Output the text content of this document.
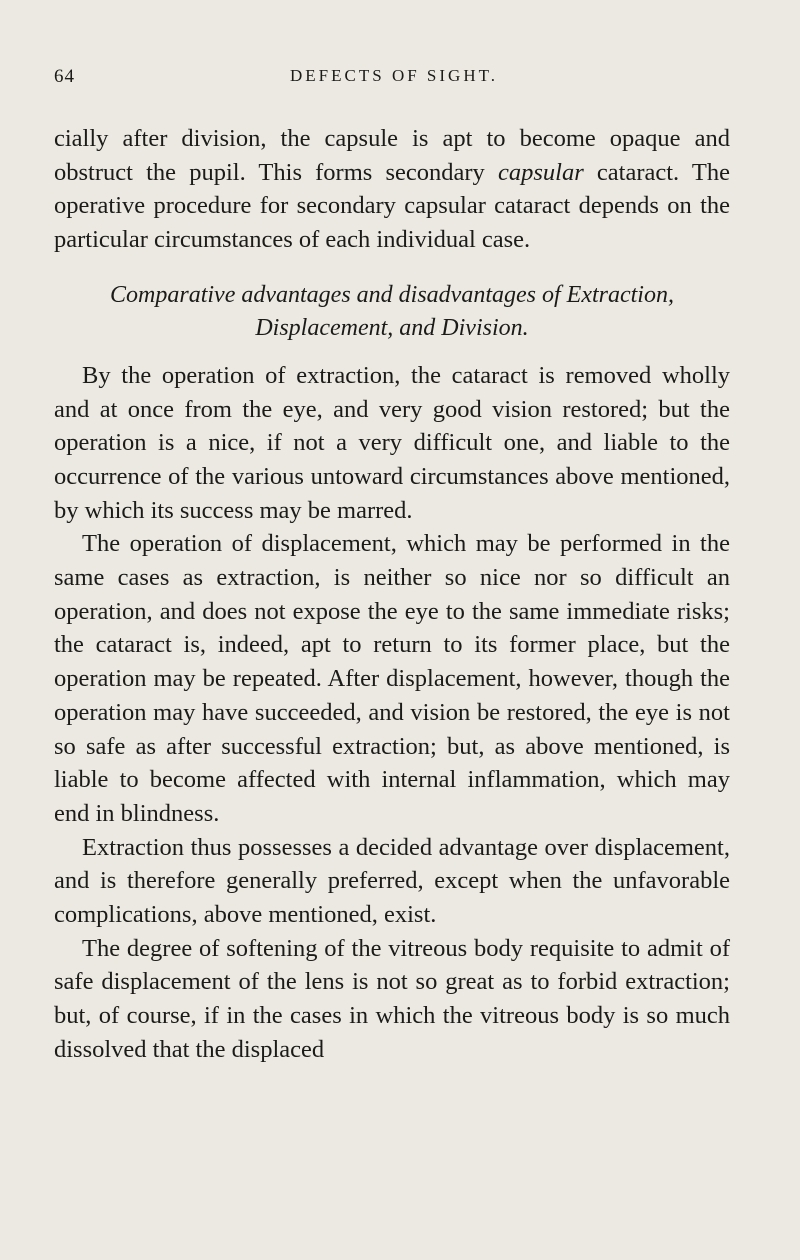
64	DEFECTS OF SIGHT.

cially after division, the capsule is apt to become opaque and obstruct the pupil. This forms secondary capsular cataract. The operative procedure for secondary capsular cataract depends on the particular circumstances of each individual case.

Comparative advantages and disadvantages of Extraction,
Displacement, and Division.

By the operation of extraction, the cataract is removed wholly and at once from the eye, and very good vision restored; but the operation is a nice, if not a very difficult one, and liable to the occurrence of the various untoward circumstances above mentioned, by which its success may be marred.

The operation of displacement, which may be performed in the same cases as extraction, is neither so nice nor so difficult an operation, and does not expose the eye to the same immediate risks; the cataract is, indeed, apt to return to its former place, but the operation may be repeated. After displacement, however, though the operation may have succeeded, and vision be restored, the eye is not so safe as after successful extraction; but, as above mentioned, is liable to become affected with internal inflammation, which may end in blindness.

Extraction thus possesses a decided advantage over displacement, and is therefore generally preferred, except when the unfavorable complications, above mentioned, exist.

The degree of softening of the vitreous body requisite to admit of safe displacement of the lens is not so great as to forbid extraction; but, of course, if in the cases in which the vitreous body is so much dissolved that the displaced
